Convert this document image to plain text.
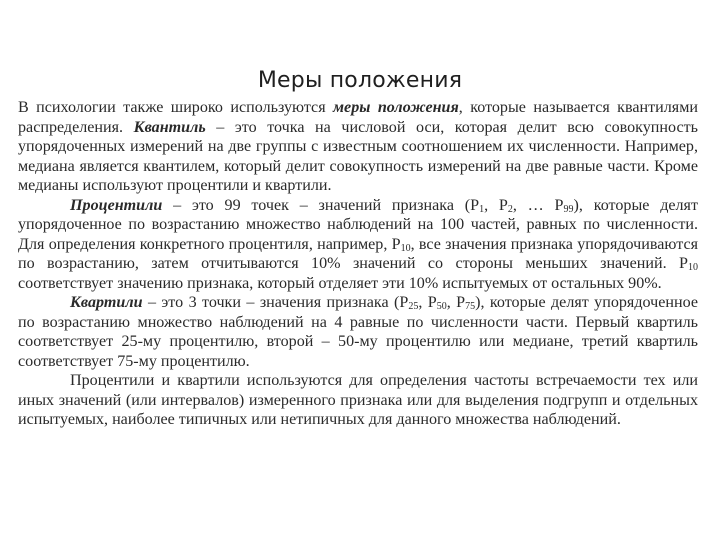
Меры положения

В психологии также широко используются меры положения, которые называется квантилями распределения. Квантиль – это точка на числовой оси, которая делит всю совокупность упорядоченных измерений на две группы с известным соотношением их численности. Например, медиана является квантилем, который делит совокупность измерений на две равные части. Кроме медианы используют процентили и квартили.

Процентили – это 99 точек – значений признака ($Р_1$, $Р_2$, … $Р_{99}$), которые делят упорядоченное по возрастанию множество наблюдений на 100 частей, равных по численности. Для определения конкретного процентиля, например, $Р_{10}$, все значения признака упорядочиваются по возрастанию, затем отчитываются 10% значений со стороны меньших значений. $Р_{10}$ соответствует значению признака, который отделяет эти 10% испытуемых от остальных 90%.

Квартили – это 3 точки – значения признака ($Р_{25}$, $Р_{50}$, $Р_{75}$), которые делят упорядоченное по возрастанию множество наблюдений на 4 равные по численности части. Первый квартиль соответствует 25-му процентилю, второй – 50-му процентилю или медиане, третий квартиль соответствует 75-му процентилю.

Процентили и квартили используются для определения частоты встречаемости тех или иных значений (или интервалов) измеренного признака или для выделения подгрупп и отдельных испытуемых, наиболее типичных или нетипичных для данного множества наблюдений.
